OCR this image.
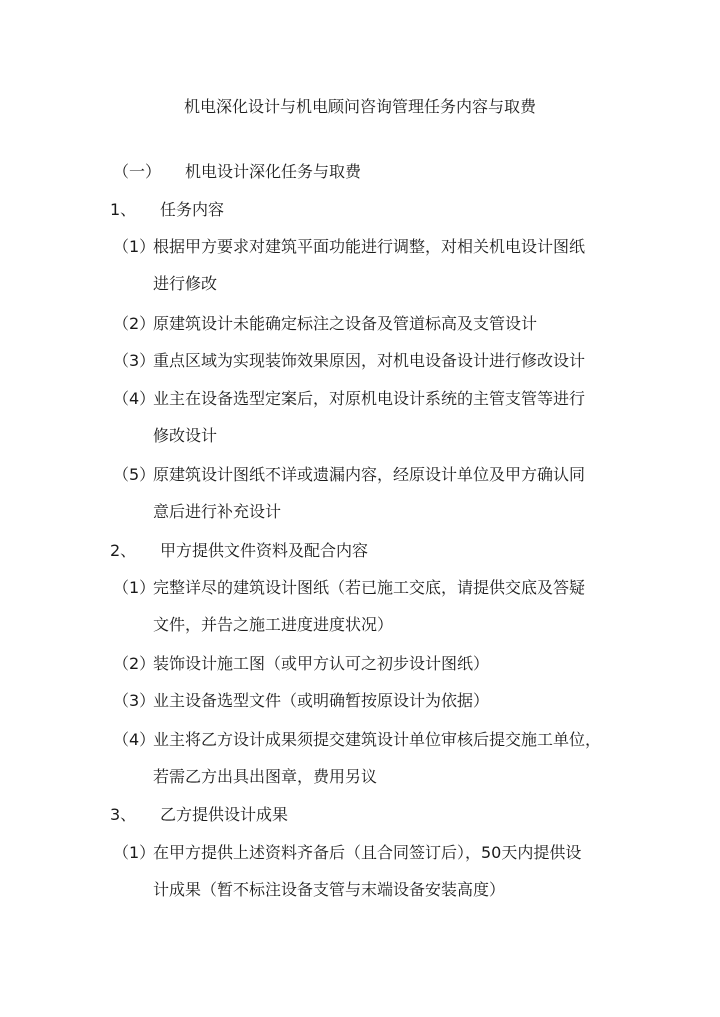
机电深化设计与机电顾问咨询管理任务内容与取费
（一） 机电设计深化任务与取费
1、 任务内容
（1）
根据甲方要求对建筑平面功能进行调整，对相关机电设计图纸
进行修改
（2）
原建筑设计未能确定标注之设备及管道标高及支管设计
（3）
重点区域为实现装饰效果原因，对机电设备设计进行修改设计
（4）
业主在设备选型定案后，对原机电设计系统的主管支管等进行
修改设计
（5）
原建筑设计图纸不详或遗漏内容，经原设计单位及甲方确认同
意后进行补充设计
2、 甲方提供文件资料及配合内容
（1）
完整详尽的建筑设计图纸（若已施工交底，请提供交底及答疑
文件，并告之施工进度进度状况）
（2）
装饰设计施工图（或甲方认可之初步设计图纸）
（3）
业主设备选型文件（或明确暂按原设计为依据）
（4）
业主将乙方设计成果须提交建筑设计单位审核后提交施工单位，
若需乙方出具出图章，费用另议
3、 乙方提供设计成果
（1）
在甲方提供上述资料齐备后（且合同签订后），50天内提供设
计成果（暂不标注设备支管与末端设备安装高度）
